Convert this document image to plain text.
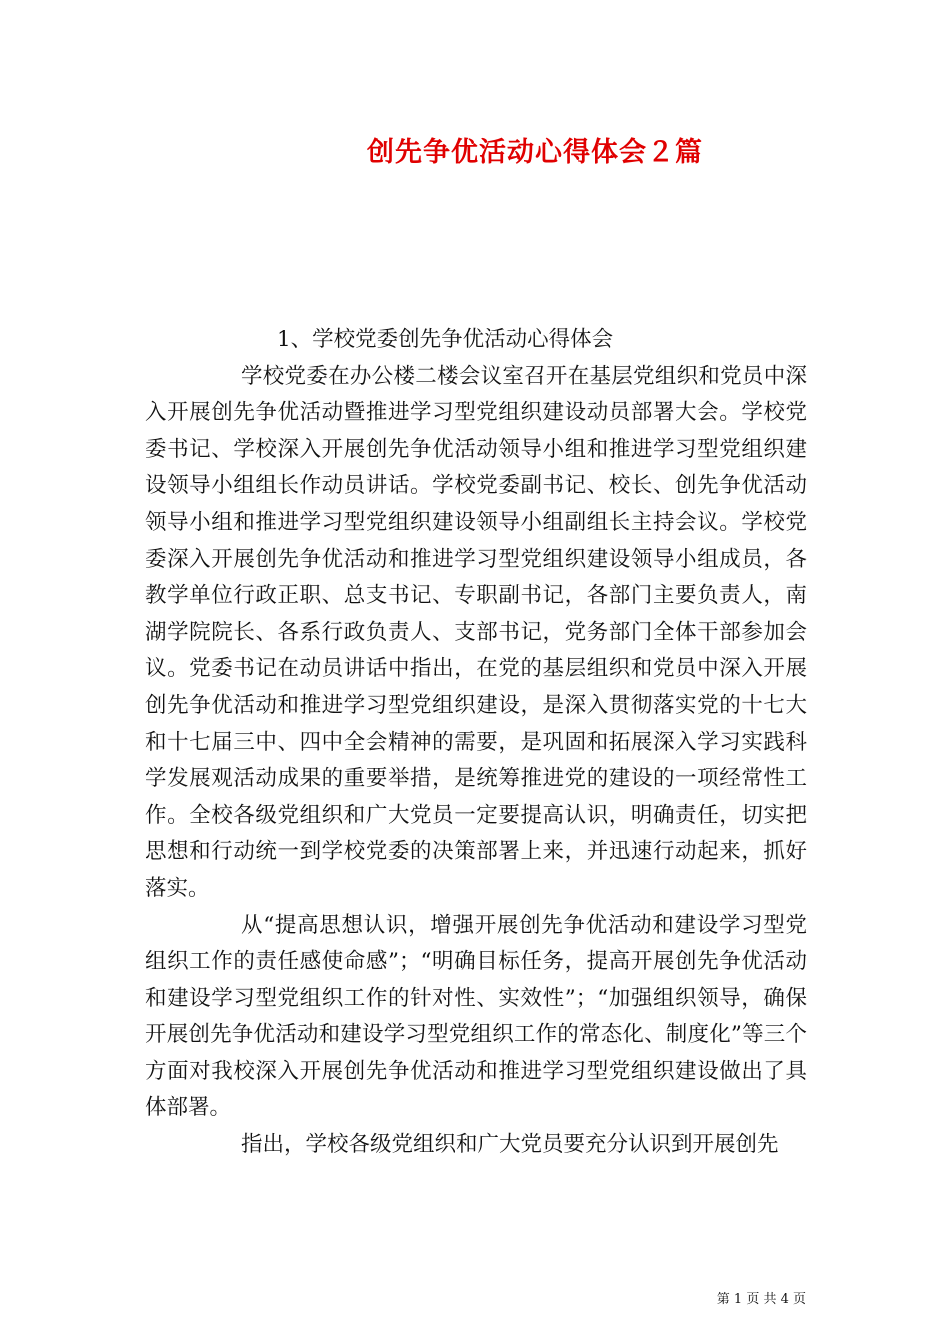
创先争优活动心得体会２篇

1、学校党委创先争优活动心得体会

学校党委在办公楼二楼会议室召开在基层党组织和党员中深入开展创先争优活动暨推进学习型党组织建设动员部署大会。学校党委书记、学校深入开展创先争优活动领导小组和推进学习型党组织建设领导小组组长作动员讲话。学校党委副书记、校长、创先争优活动领导小组和推进学习型党组织建设领导小组副组长主持会议。学校党委深入开展创先争优活动和推进学习型党组织建设领导小组成员，各教学单位行政正职、总支书记、专职副书记，各部门主要负责人，南湖学院院长、各系行政负责人、支部书记，党务部门全体干部参加会议。党委书记在动员讲话中指出，在党的基层组织和党员中深入开展创先争优活动和推进学习型党组织建设，是深入贯彻落实党的十七大和十七届三中、四中全会精神的需要，是巩固和拓展深入学习实践科学发展观活动成果的重要举措，是统筹推进党的建设的一项经常性工作。全校各级党组织和广大党员一定要提高认识，明确责任，切实把思想和行动统一到学校党委的决策部署上来，并迅速行动起来，抓好落实。

从“提高思想认识，增强开展创先争优活动和建设学习型党组织工作的责任感使命感”；“明确目标任务，提高开展创先争优活动和建设学习型党组织工作的针对性、实效性”；“加强组织领导，确保开展创先争优活动和建设学习型党组织工作的常态化、制度化”等三个方面对我校深入开展创先争优活动和推进学习型党组织建设做出了具体部署。

指出，学校各级党组织和广大党员要充分认识到开展创先

第 1 页 共 4 页
